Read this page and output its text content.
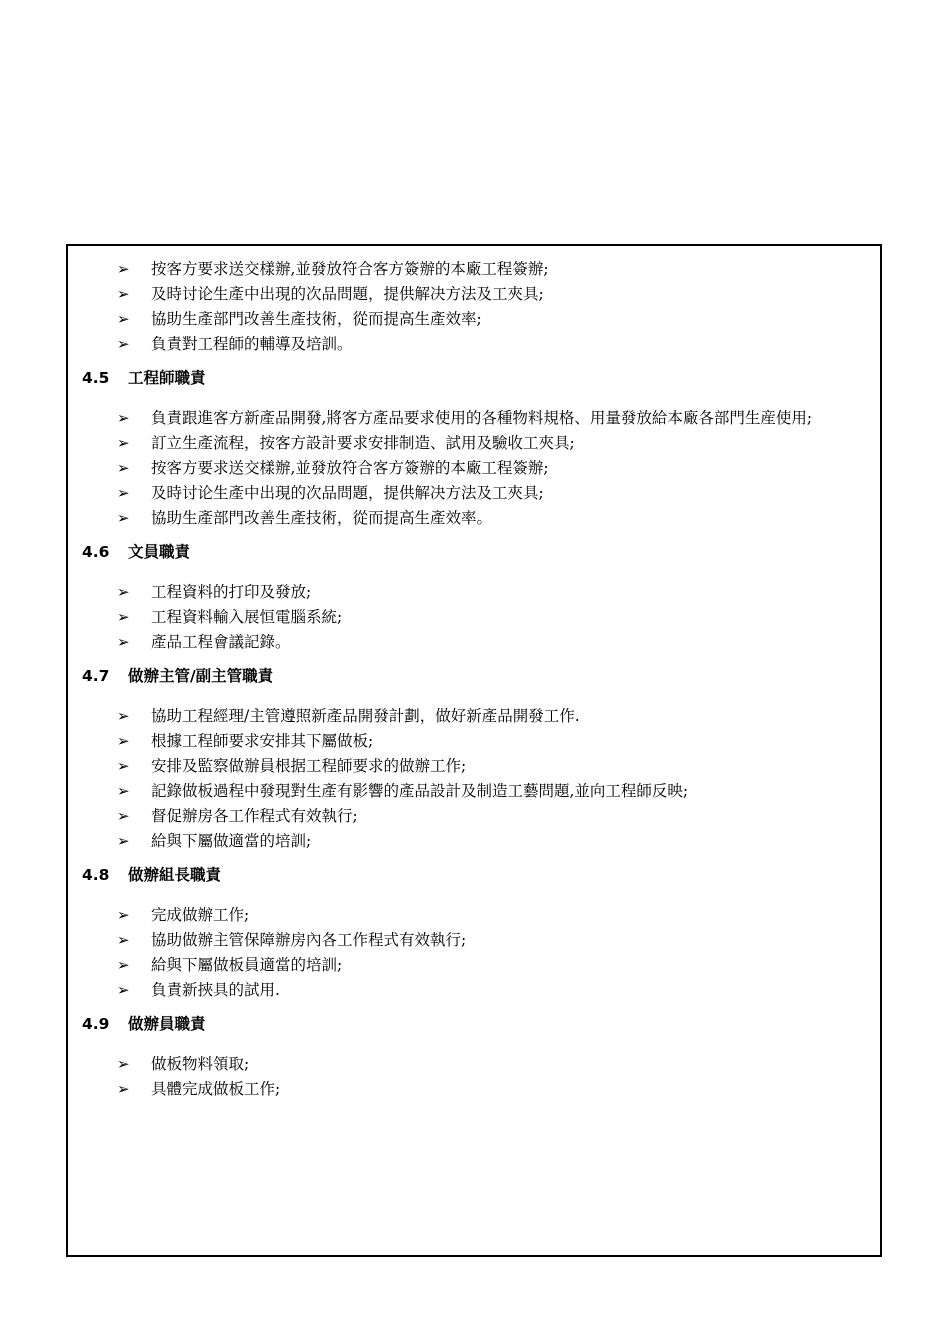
➢ 按客方要求送交樣辦,並發放符合客方簽辦的本廠工程簽辦;
➢ 及時讨论生產中出現的次品問題，提供解决方法及工夾具;
➢ 協助生產部門改善生產技術，從而提高生產效率;
➢ 負責對工程師的輔導及培訓。
4.5 工程師職責
➢ 負責跟進客方新產品開發,將客方產品要求使用的各種物料規格、用量發放給本廠各部門生産使用;
➢ 訂立生產流程，按客方設計要求安排制造、試用及驗收工夾具;
➢ 按客方要求送交樣辦,並發放符合客方簽辦的本廠工程簽辦;
➢ 及時讨论生產中出現的次品問題，提供解决方法及工夾具;
➢ 協助生產部門改善生產技術，從而提高生產效率。
4.6 文員職責
➢ 工程資料的打印及發放;
➢ 工程資料輸入展恒電腦系統;
➢ 產品工程會議記錄。
4.7 做辦主管/副主管職責
➢ 協助工程經理/主管遵照新產品開發計劃，做好新產品開發工作.
➢ 根據工程師要求安排其下屬做板;
➢ 安排及監察做辦員根据工程師要求的做辦工作;
➢ 記錄做板過程中發現對生產有影響的產品設計及制造工藝問題,並向工程師反映;
➢ 督促辦房各工作程式有效執行;
➢ 給與下屬做適當的培訓;
4.8 做辦組長職責
➢ 完成做辦工作;
➢ 協助做辦主管保障辦房內各工作程式有效執行;
➢ 給與下屬做板員適當的培訓;
➢ 負責新挾具的試用.
4.9 做辦員職責
➢ 做板物料領取;
➢ 具體完成做板工作;
